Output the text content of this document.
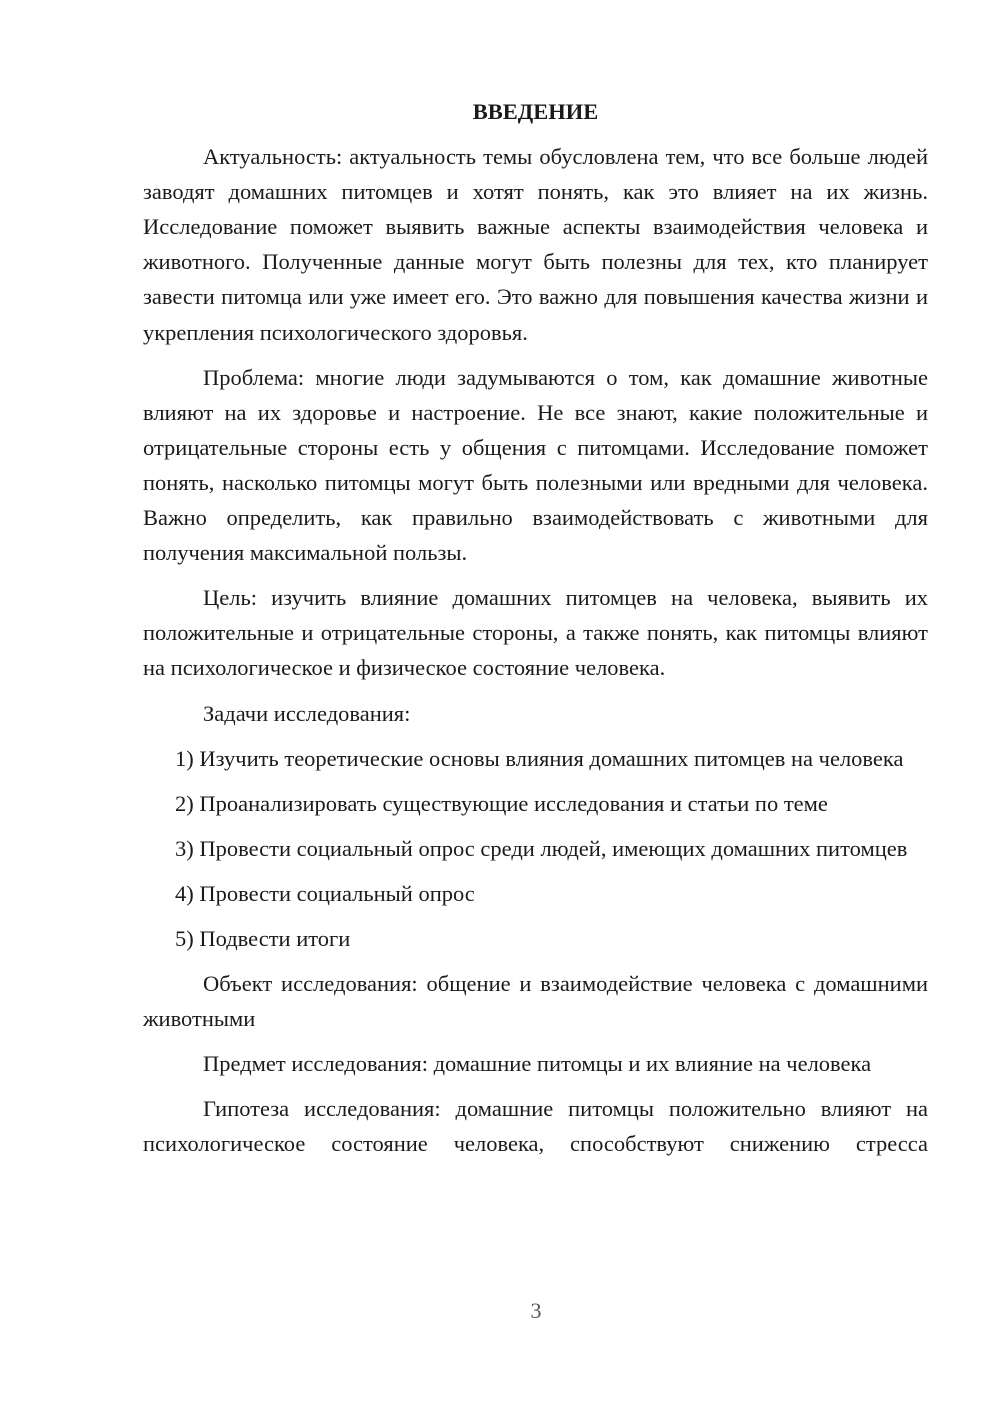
ВВЕДЕНИЕ
Актуальность: актуальность темы обусловлена тем, что все больше людей заводят домашних питомцев и хотят понять, как это влияет на их жизнь. Исследование поможет выявить важные аспекты взаимодействия человека и животного. Полученные данные могут быть полезны для тех, кто планирует завести питомца или уже имеет его. Это важно для повышения качества жизни и укрепления психологического здоровья.
Проблема: многие люди задумываются о том, как домашние животные влияют на их здоровье и настроение. Не все знают, какие положительные и отрицательные стороны есть у общения с питомцами. Исследование поможет понять, насколько питомцы могут быть полезными или вредными для человека. Важно определить, как правильно взаимодействовать с животными для получения максимальной пользы.
Цель: изучить влияние домашних питомцев на человека, выявить их положительные и отрицательные стороны, а также понять, как питомцы влияют на психологическое и физическое состояние человека.
Задачи исследования:
1) Изучить теоретические основы влияния домашних питомцев на человека
2) Проанализировать существующие исследования и статьи по теме
3) Провести социальный опрос среди людей, имеющих домашних питомцев
4) Провести социальный опрос
5) Подвести итоги
Объект исследования: общение и взаимодействие человека с домашними животными
Предмет исследования: домашние питомцы и их влияние на человека
Гипотеза исследования: домашние питомцы положительно влияют на психологическое состояние человека, способствуют снижению стресса
3
